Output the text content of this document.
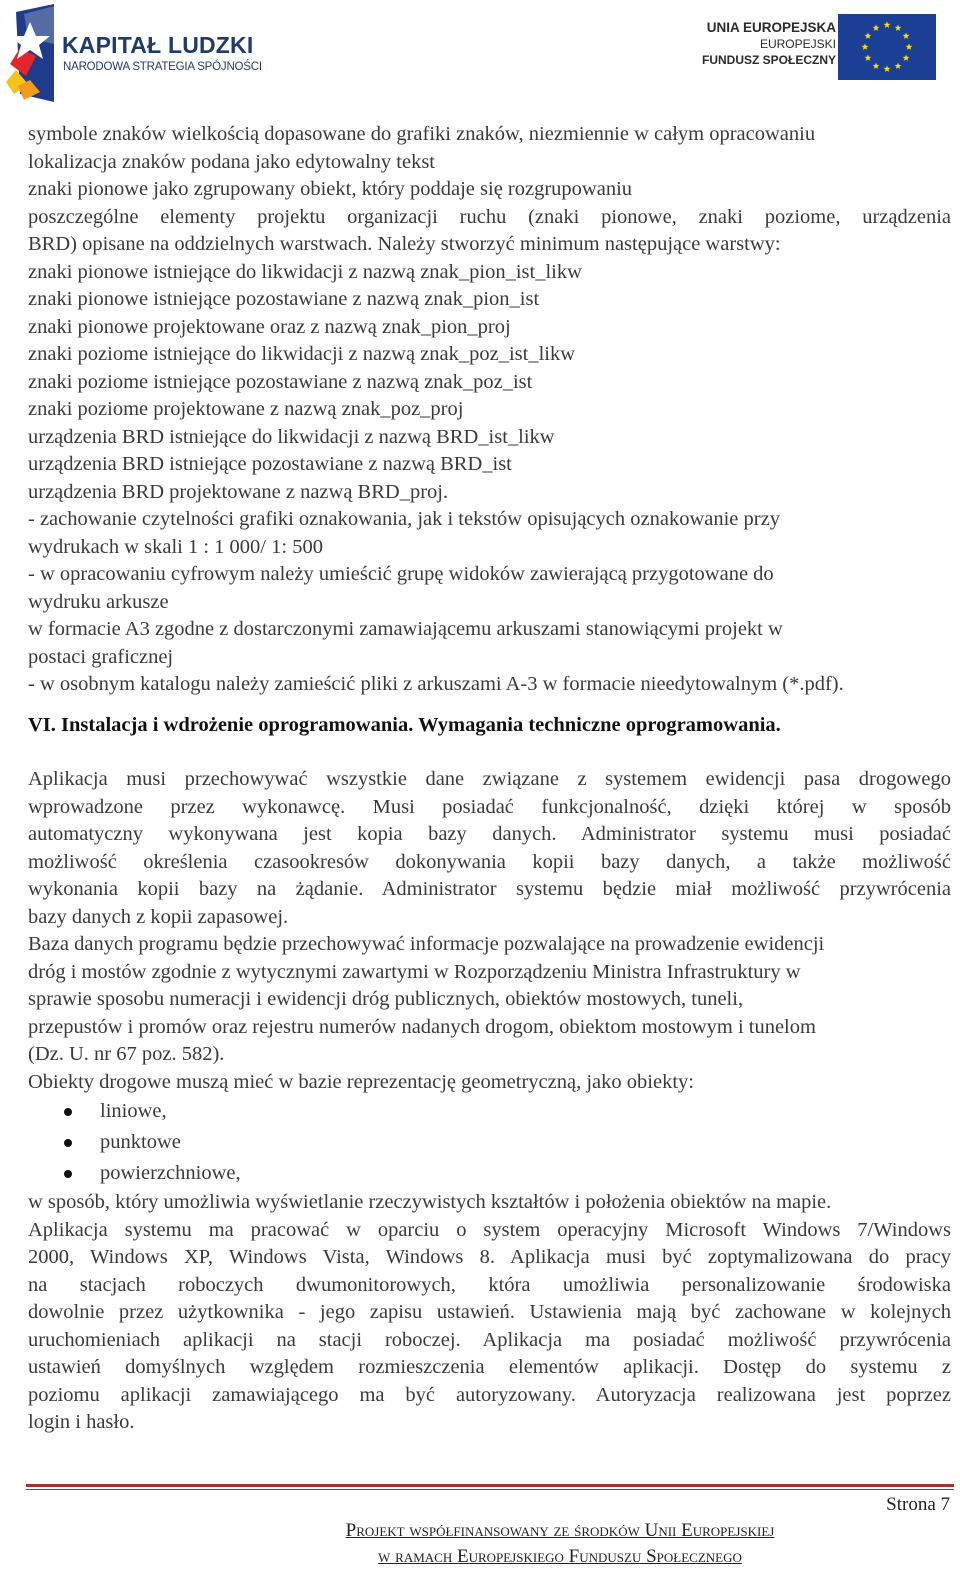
KAPITAŁ LUDZKI
NARODOWA STRATEGIA SPÓJNOŚCI
UNIA EUROPEJSKA
EUROPEJSKI
FUNDUSZ SPOŁECZNY
symbole znaków wielkością dopasowane do grafiki znaków, niezmiennie w całym opracowaniu
lokalizacja znaków podana jako edytowalny tekst
znaki pionowe jako zgrupowany obiekt, który poddaje się rozgrupowaniu
poszczególne elementy projektu organizacji ruchu (znaki pionowe, znaki poziome, urządzenia
BRD) opisane na oddzielnych warstwach. Należy stworzyć minimum następujące warstwy:
znaki pionowe istniejące do likwidacji z nazwą znak_pion_ist_likw
znaki pionowe istniejące pozostawiane z nazwą znak_pion_ist
znaki pionowe projektowane oraz z nazwą znak_pion_proj
znaki poziome istniejące do likwidacji z nazwą znak_poz_ist_likw
znaki poziome istniejące pozostawiane z nazwą znak_poz_ist
znaki poziome projektowane z nazwą znak_poz_proj
urządzenia BRD istniejące do likwidacji z nazwą BRD_ist_likw
urządzenia BRD istniejące pozostawiane z nazwą BRD_ist
urządzenia BRD projektowane z nazwą BRD_proj.
- zachowanie czytelności grafiki oznakowania, jak i tekstów opisujących oznakowanie przy
wydrukach w skali 1 : 1 000/ 1: 500
- w opracowaniu cyfrowym należy umieścić grupę widoków zawierającą przygotowane do
wydruku arkusze
w formacie A3 zgodne z dostarczonymi zamawiającemu arkuszami stanowiącymi projekt w
postaci graficznej
- w osobnym katalogu należy zamieścić pliki z arkuszami A-3 w formacie nieedytowalnym (*.pdf).
VI. Instalacja i wdrożenie oprogramowania. Wymagania techniczne oprogramowania.
Aplikacja musi przechowywać wszystkie dane związane z systemem ewidencji pasa drogowego
wprowadzone przez wykonawcę. Musi posiadać funkcjonalność, dzięki której w sposób
automatyczny wykonywana jest kopia bazy danych. Administrator systemu musi posiadać
możliwość określenia czasookresów dokonywania kopii bazy danych, a także możliwość
wykonania kopii bazy na żądanie. Administrator systemu będzie miał możliwość przywrócenia
bazy danych z kopii zapasowej.
Baza danych programu będzie przechowywać informacje pozwalające na prowadzenie ewidencji
dróg i mostów zgodnie z wytycznymi zawartymi w Rozporządzeniu Ministra Infrastruktury w
sprawie sposobu numeracji i ewidencji dróg publicznych, obiektów mostowych, tuneli,
przepustów i promów oraz rejestru numerów nadanych drogom, obiektom mostowym i tunelom
(Dz. U. nr 67 poz. 582).
Obiekty drogowe muszą mieć w bazie reprezentację geometryczną, jako obiekty:
liniowe,
punktowe
powierzchniowe,
w sposób, który umożliwia wyświetlanie rzeczywistych kształtów i położenia obiektów na mapie.
Aplikacja systemu ma pracować w oparciu o system operacyjny Microsoft Windows 7/Windows
2000, Windows XP, Windows Vista, Windows 8. Aplikacja musi być zoptymalizowana do pracy
na stacjach roboczych dwumonitorowych, która umożliwia personalizowanie środowiska
dowolnie przez użytkownika - jego zapisu ustawień. Ustawienia mają być zachowane w kolejnych
uruchomieniach aplikacji na stacji roboczej. Aplikacja ma posiadać możliwość przywrócenia
ustawień domyślnych względem rozmieszczenia elementów aplikacji. Dostęp do systemu z
poziomu aplikacji zamawiającego ma być autoryzowany. Autoryzacja realizowana jest poprzez
login i hasło.
Strona 7
Projekt współfinansowany ze środków Unii Europejskiej
w ramach Europejskiego Funduszu Społecznego
